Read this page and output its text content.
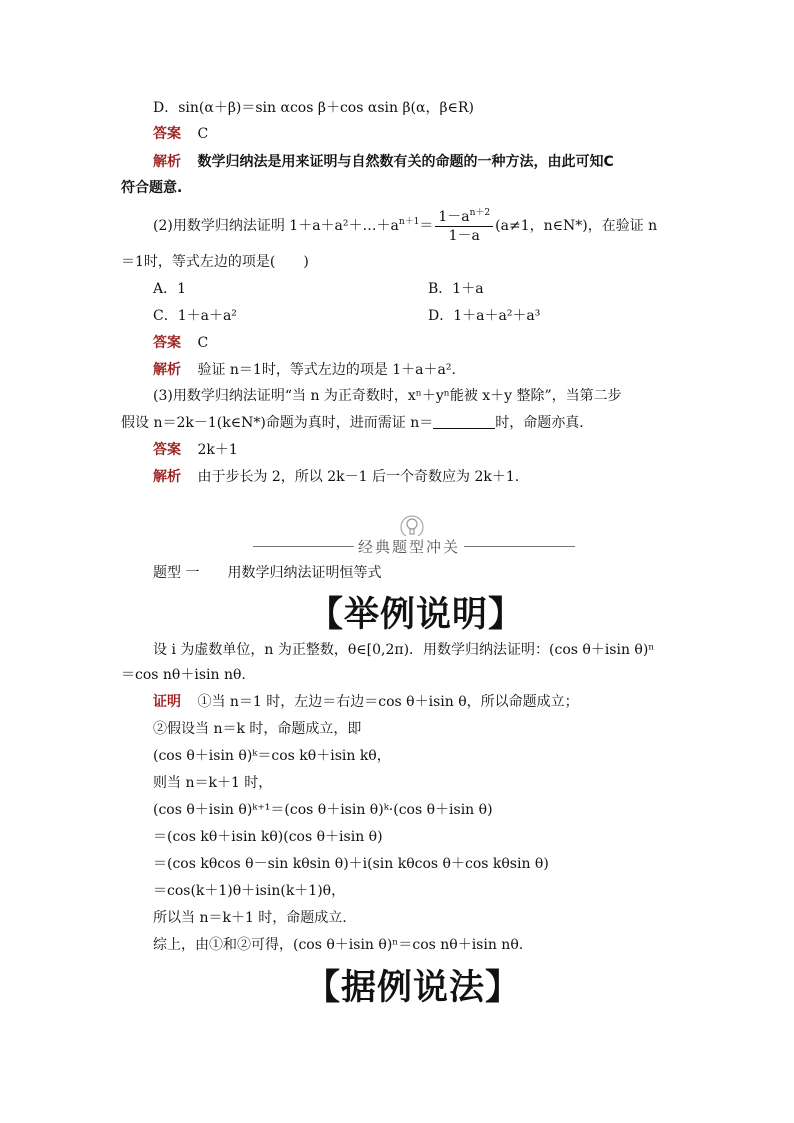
D．sin(α＋β)＝sin αcos β＋cos αsin β(α，β∈R)
答案 C
解析 数学归纳法是用来证明与自然数有关的命题的一种方法，由此可知C
符合题意.
(2)用数学归纳法证明 $1+a+a^2+\dots+a^{n+1}= \frac{1-a^{n+2}}{1-a} (a\ne 1$，n∈N*)，在验证 n
＝1时，等式左边的项是(　　)
A．1	B．1＋a
C．1＋a＋a²	D．1＋a＋a²＋a³
答案 C
解析 验证 n＝1时，等式左边的项是 1＋a＋a².
(3)用数学归纳法证明“当 n 为正奇数时，xⁿ＋yⁿ能被 x＋y 整除”，当第二步
假设 n＝2k－1(k∈N*)命题为真时，进而需证 n＝	时，命题亦真.
答案 2k＋1
解析 由于步长为 2，所以 2k－1 后一个奇数应为 2k＋1.
经典题型冲关
题型 一　　用数学归纳法证明恒等式
【举例说明】
设 i 为虚数单位，n 为正整数，θ∈[0,2π)．用数学归纳法证明：(cos θ＋isin θ)ⁿ
＝cos nθ＋isin nθ.
证明 ①当 n＝1 时，左边＝右边＝cos θ＋isin θ，所以命题成立；
②假设当 n＝k 时，命题成立，即
(cos θ＋isin θ)ᵏ＝cos kθ＋isin kθ，
则当 n＝k＋1 时，
(cos θ＋isin θ)ᵏ⁺¹＝(cos θ＋isin θ)ᵏ·(cos θ＋isin θ)
＝(cos kθ＋isin kθ)(cos θ＋isin θ)
＝(cos kθcos θ－sin kθsin θ)＋i(sin kθcos θ＋cos kθsin θ)
＝cos(k＋1)θ＋isin(k＋1)θ，
所以当 n＝k＋1 时，命题成立.
综上，由①和②可得，(cos θ＋isin θ)ⁿ＝cos nθ＋isin nθ.
【据例说法】
